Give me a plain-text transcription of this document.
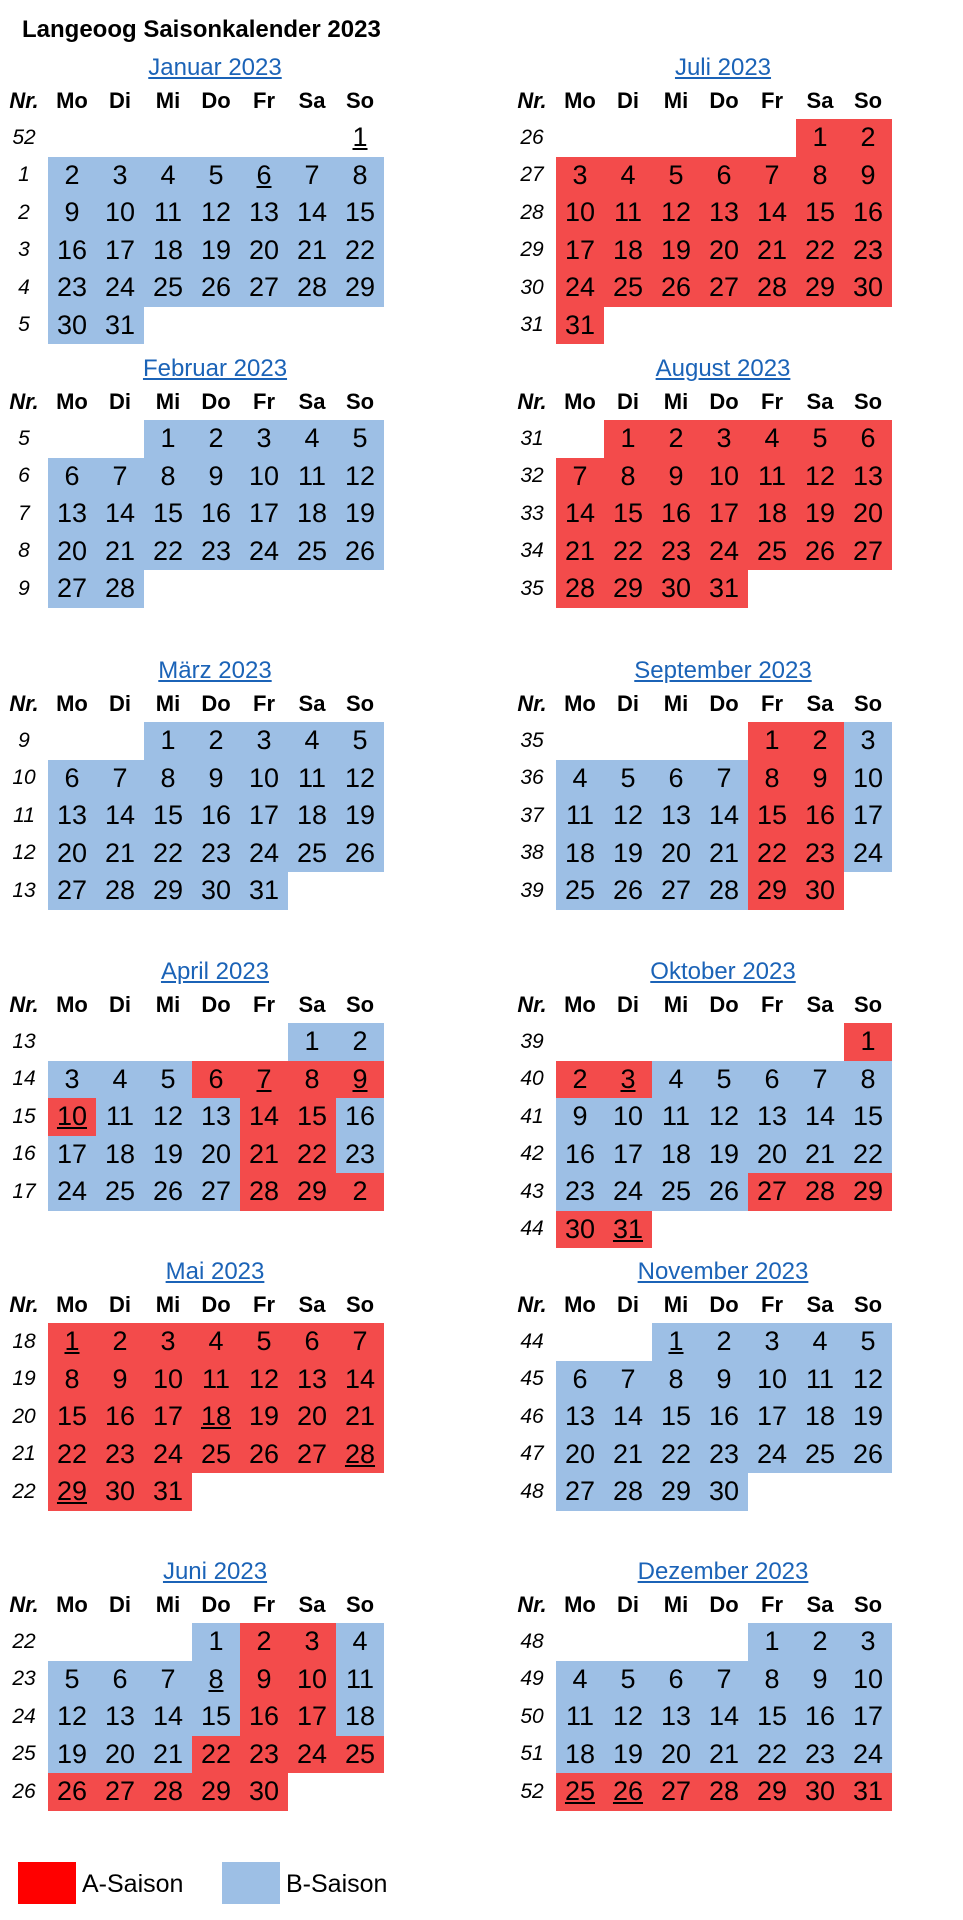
Langeoog Saisonkalender 2023
Januar 2023
Nr.	Mo	Di	Mi	Do	Fr	Sa	So
52							1
1	2	3	4	5	6	7	8
2	9	10	11	12	13	14	15
3	16	17	18	19	20	21	22
4	23	24	25	26	27	28	29
5	30	31					
Juli 2023
Nr.	Mo	Di	Mi	Do	Fr	Sa	So
26						1	2
27	3	4	5	6	7	8	9
28	10	11	12	13	14	15	16
29	17	18	19	20	21	22	23
30	24	25	26	27	28	29	30
31	31						
Februar 2023
Nr.	Mo	Di	Mi	Do	Fr	Sa	So
5			1	2	3	4	5
6	6	7	8	9	10	11	12
7	13	14	15	16	17	18	19
8	20	21	22	23	24	25	26
9	27	28					
August 2023
Nr.	Mo	Di	Mi	Do	Fr	Sa	So
31		1	2	3	4	5	6
32	7	8	9	10	11	12	13
33	14	15	16	17	18	19	20
34	21	22	23	24	25	26	27
35	28	29	30	31			
März 2023
Nr.	Mo	Di	Mi	Do	Fr	Sa	So
9			1	2	3	4	5
10	6	7	8	9	10	11	12
11	13	14	15	16	17	18	19
12	20	21	22	23	24	25	26
13	27	28	29	30	31		
September 2023
Nr.	Mo	Di	Mi	Do	Fr	Sa	So
35					1	2	3
36	4	5	6	7	8	9	10
37	11	12	13	14	15	16	17
38	18	19	20	21	22	23	24
39	25	26	27	28	29	30	
April 2023
Nr.	Mo	Di	Mi	Do	Fr	Sa	So
13						1	2
14	3	4	5	6	7	8	9
15	10	11	12	13	14	15	16
16	17	18	19	20	21	22	23
17	24	25	26	27	28	29	2
Oktober 2023
Nr.	Mo	Di	Mi	Do	Fr	Sa	So
39							1
40	2	3	4	5	6	7	8
41	9	10	11	12	13	14	15
42	16	17	18	19	20	21	22
43	23	24	25	26	27	28	29
44	30	31					
Mai 2023
Nr.	Mo	Di	Mi	Do	Fr	Sa	So
18	1	2	3	4	5	6	7
19	8	9	10	11	12	13	14
20	15	16	17	18	19	20	21
21	22	23	24	25	26	27	28
22	29	30	31				
November 2023
Nr.	Mo	Di	Mi	Do	Fr	Sa	So
44			1	2	3	4	5
45	6	7	8	9	10	11	12
46	13	14	15	16	17	18	19
47	20	21	22	23	24	25	26
48	27	28	29	30			
Juni 2023
Nr.	Mo	Di	Mi	Do	Fr	Sa	So
22				1	2	3	4
23	5	6	7	8	9	10	11
24	12	13	14	15	16	17	18
25	19	20	21	22	23	24	25
26	26	27	28	29	30		
Dezember 2023
Nr.	Mo	Di	Mi	Do	Fr	Sa	So
48					1	2	3
49	4	5	6	7	8	9	10
50	11	12	13	14	15	16	17
51	18	19	20	21	22	23	24
52	25	26	27	28	29	30	31
A-Saison	B-Saison
